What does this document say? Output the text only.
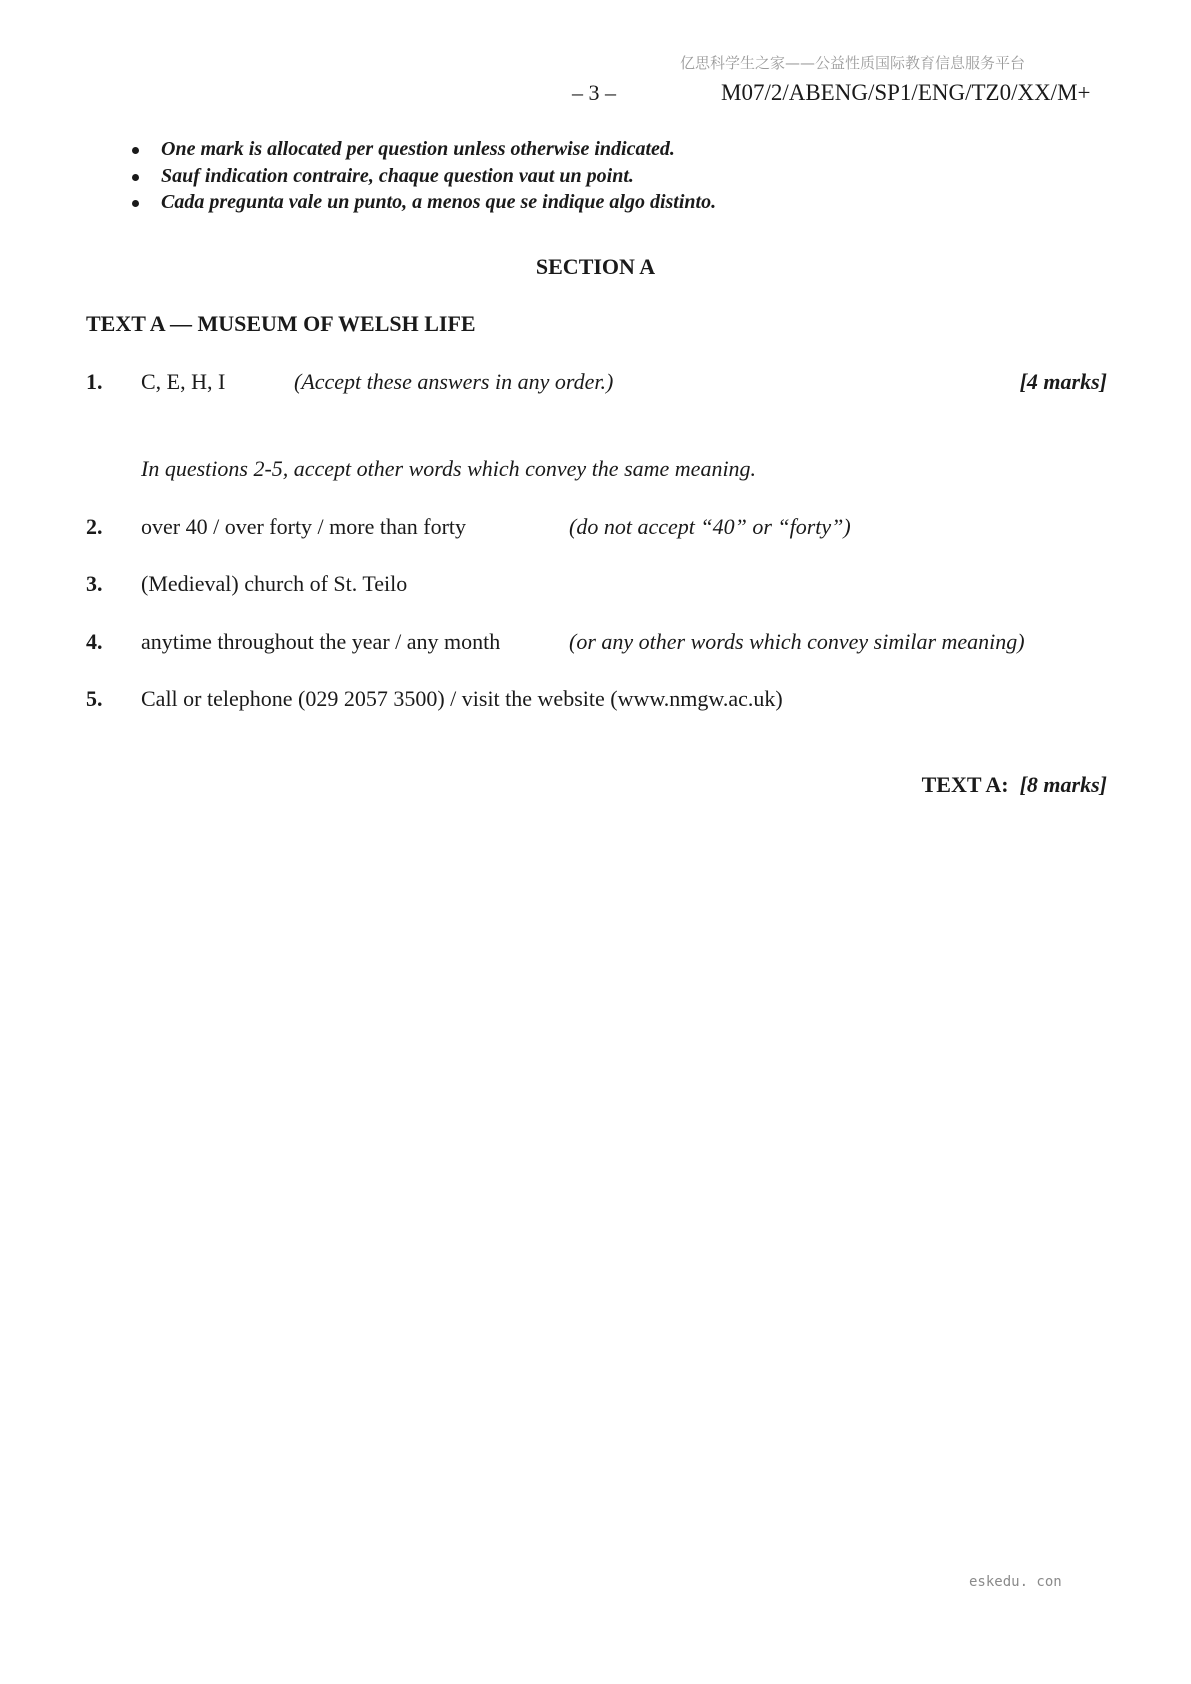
亿思科学生之家——公益性质国际教育信息服务平台
– 3 –	M07/2/ABENG/SP1/ENG/TZ0/XX/M+
One mark is allocated per question unless otherwise indicated.
Sauf indication contraire, chaque question vaut un point.
Cada pregunta vale un punto, a menos que se indique algo distinto.
SECTION A
TEXT A — MUSEUM OF WELSH LIFE
1. C, E, H, I	(Accept these answers in any order.)	[4 marks]
In questions 2-5, accept other words which convey the same meaning.
2. over 40 / over forty / more than forty	(do not accept “40” or “forty”)
3. (Medieval) church of St. Teilo
4. anytime throughout the year / any month	(or any other words which convey similar meaning)
5. Call or telephone (029 2057 3500) / visit the website (www.nmgw.ac.uk)
TEXT A: [8 marks]
eskedu. con
